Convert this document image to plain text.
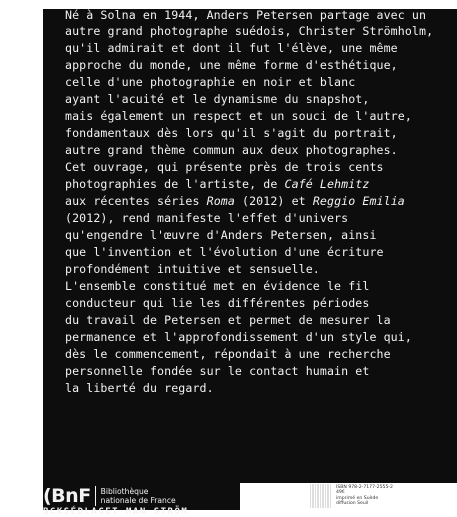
Né à Solna en 1944, Anders Petersen partage avec un
autre grand photographe suédois, Christer Strömholm,
qu'il admirait et dont il fut l'élève, une même
approche du monde, une même forme d'esthétique,
celle d'une photographie en noir et blanc
ayant l'acuité et le dynamisme du snapshot,
mais également un respect et un souci de l'autre,
fondamentaux dès lors qu'il s'agit du portrait,
autre grand thème commun aux deux photographes.
Cet ouvrage, qui présente près de trois cents
photographies de l'artiste, de Café Lehmitz
aux récentes séries Roma (2012) et Reggio Emilia
(2012), rend manifeste l'effet d'univers
qu'engendre l'œuvre d'Anders Petersen, ainsi
que l'invention et l'évolution d'une écriture
profondément intuitive et sensuelle.
L'ensemble constitué met en évidence le fil
conducteur qui lie les différentes périodes
du travail de Petersen et permet de mesurer la
permanence et l'approfondissement d'un style qui,
dès le commencement, répondait à une recherche
personnelle fondée sur le contact humain et
la liberté du regard.
(BnF Bibliothèque
nationale de France
BCKSÉDLAGET MAN STRÖM
ISBN 978-2-7177-2555-2
49€
imprimé en Suède
diffusion Seuil
